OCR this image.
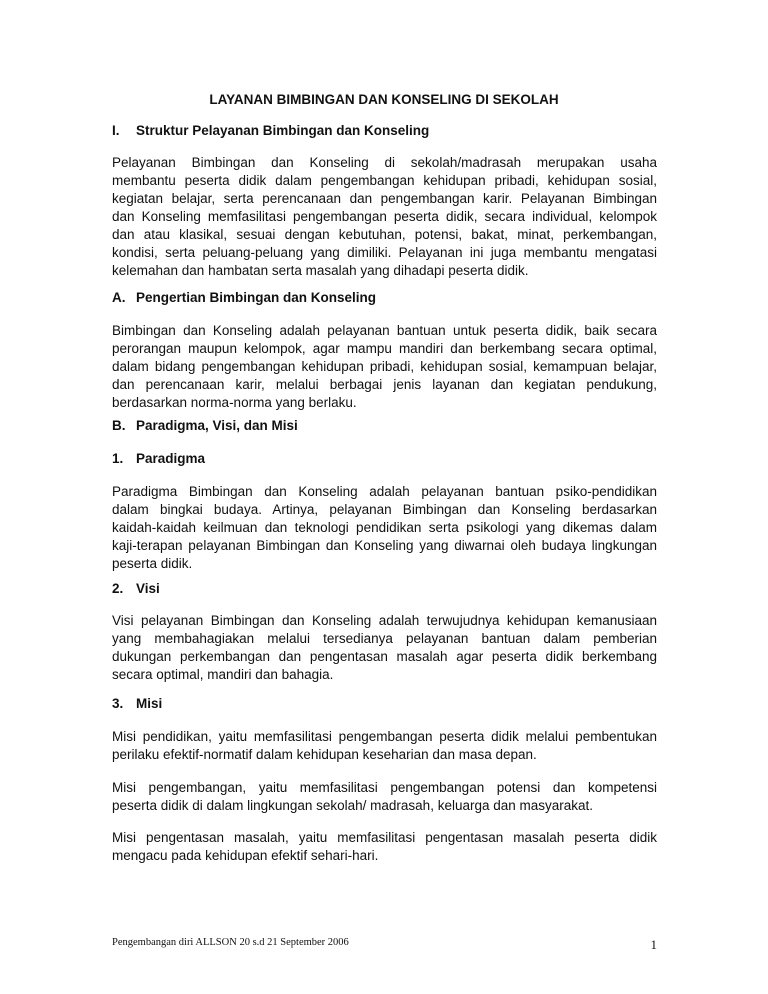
LAYANAN BIMBINGAN DAN KONSELING DI SEKOLAH
I. Struktur Pelayanan Bimbingan dan Konseling
Pelayanan Bimbingan dan Konseling di sekolah/madrasah merupakan usaha
membantu peserta didik dalam pengembangan kehidupan pribadi, kehidupan sosial,
kegiatan belajar, serta perencanaan dan pengembangan karir. Pelayanan Bimbingan
dan Konseling memfasilitasi pengembangan peserta didik, secara individual, kelompok
dan atau klasikal, sesuai dengan kebutuhan, potensi, bakat, minat, perkembangan,
kondisi, serta peluang-peluang yang dimiliki. Pelayanan ini juga membantu mengatasi
kelemahan dan hambatan serta masalah yang dihadapi peserta didik.
A. Pengertian Bimbingan dan Konseling
Bimbingan dan Konseling adalah pelayanan bantuan untuk peserta didik, baik secara
perorangan maupun kelompok, agar mampu mandiri dan berkembang secara optimal,
dalam bidang pengembangan kehidupan pribadi, kehidupan sosial, kemampuan belajar,
dan perencanaan karir, melalui berbagai jenis layanan dan kegiatan pendukung,
berdasarkan norma-norma yang berlaku.
B. Paradigma, Visi, dan Misi
1. Paradigma
Paradigma Bimbingan dan Konseling adalah pelayanan bantuan psiko-pendidikan
dalam bingkai budaya. Artinya, pelayanan Bimbingan dan Konseling berdasarkan
kaidah-kaidah keilmuan dan teknologi pendidikan serta psikologi yang dikemas dalam
kaji-terapan pelayanan Bimbingan dan Konseling yang diwarnai oleh budaya lingkungan
peserta didik.
2. Visi
Visi pelayanan Bimbingan dan Konseling adalah terwujudnya kehidupan kemanusiaan
yang membahagiakan melalui tersedianya pelayanan bantuan dalam pemberian
dukungan perkembangan dan pengentasan masalah agar peserta didik berkembang
secara optimal, mandiri dan bahagia.
3. Misi
Misi pendidikan, yaitu memfasilitasi pengembangan peserta didik melalui pembentukan
perilaku efektif-normatif dalam kehidupan keseharian dan masa depan.
Misi pengembangan, yaitu memfasilitasi pengembangan potensi dan kompetensi
peserta didik di dalam lingkungan sekolah/ madrasah, keluarga dan masyarakat.
Misi pengentasan masalah, yaitu memfasilitasi pengentasan masalah peserta didik
mengacu pada kehidupan efektif sehari-hari.
Pengembangan diri ALLSON 20 s.d 21 September 2006	1
